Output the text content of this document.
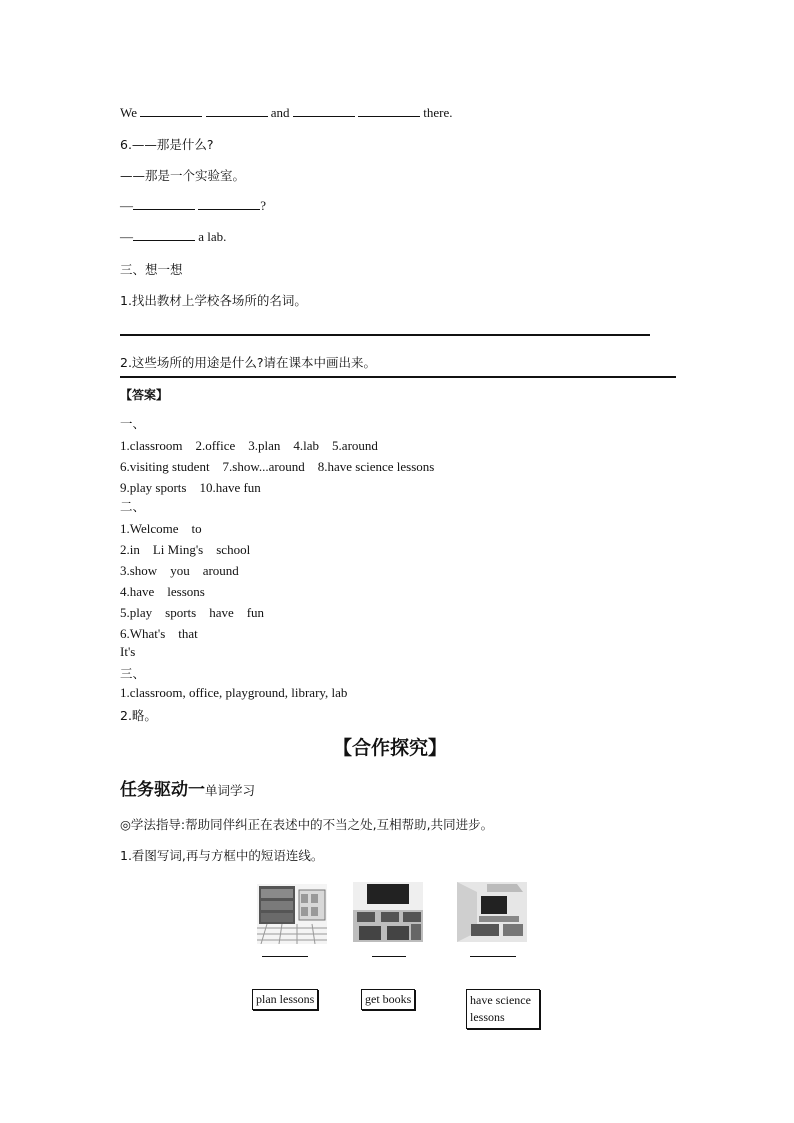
We	and	there.
6.——那是什么?
——那是一个实验室。
—	?
—	a lab.
三、想一想
1.找出教材上学校各场所的名词。
2.这些场所的用途是什么?请在课本中画出来。
【答案】
一、
1.classroom　2.office　3.plan　4.lab　5.around
6.visiting student　7.show...around　8.have science lessons
9.play sports　10.have fun
二、
1.Welcome　to
2.in　Li Ming's　school
3.show　you　around
4.have　lessons
5.play　sports　have　fun
6.What's　that
It's
三、
1.classroom, office, playground, library, lab
2.略。
【合作探究】
任务驱动一单词学习
◎学法指导:帮助同伴纠正在表述中的不当之处,互相帮助,共同进步。
1.看图写词,再与方框中的短语连线。
plan lessons	get books	have science
lessons
